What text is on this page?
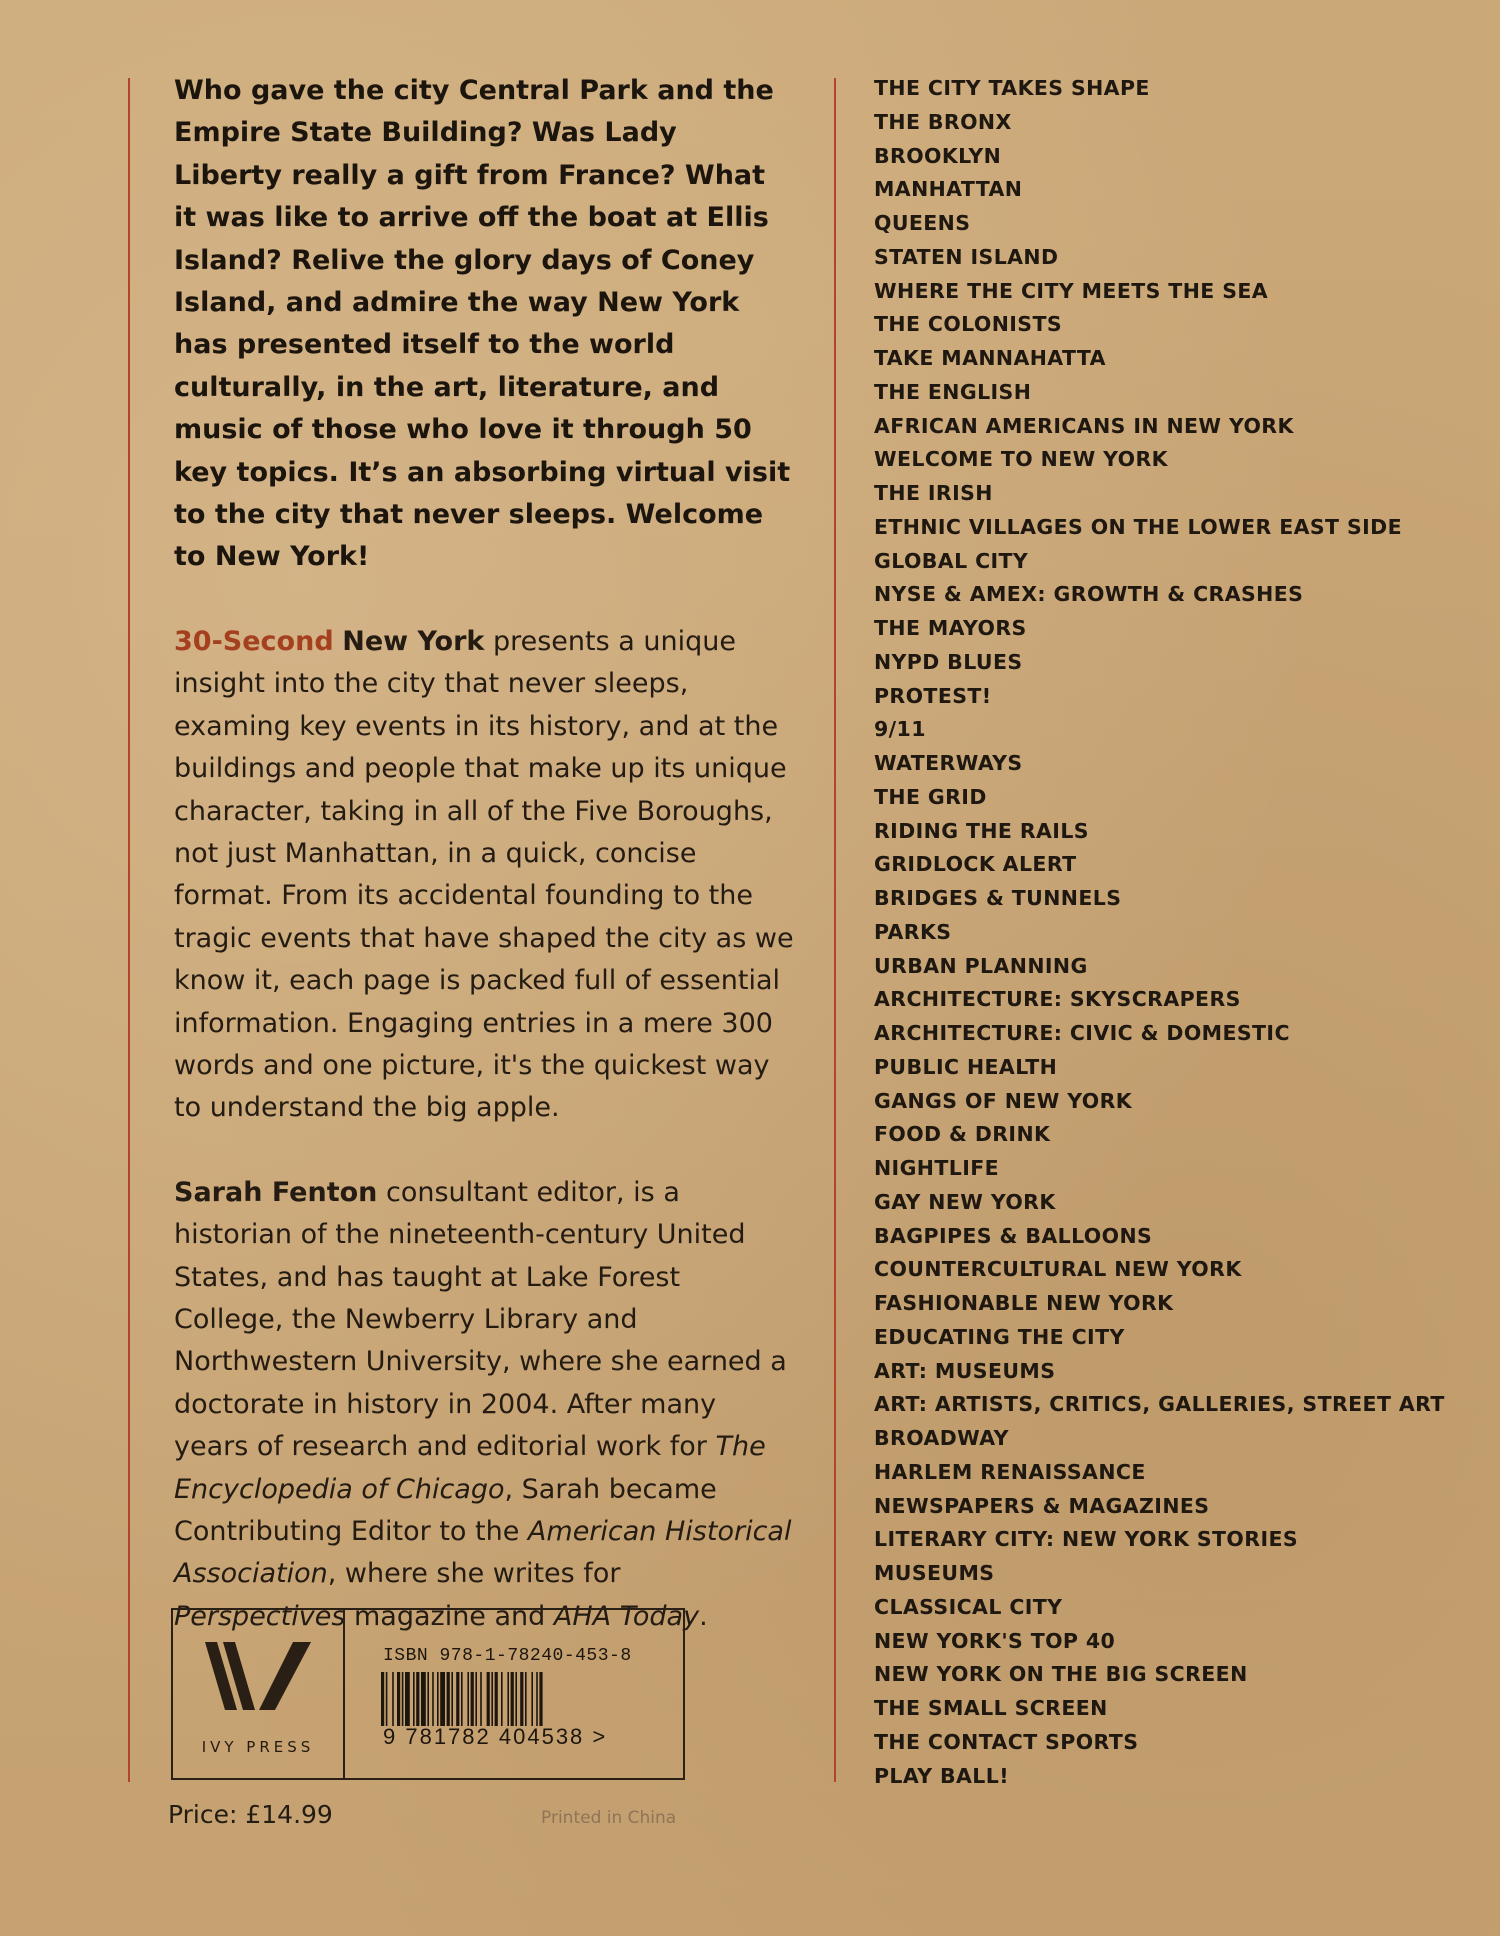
Who gave the city Central Park and the Empire State Building? Was Lady Liberty really a gift from France? What it was like to arrive off the boat at Ellis Island? Relive the glory days of Coney Island, and admire the way New York has presented itself to the world culturally, in the art, literature, and music of those who love it through 50 key topics. It’s an absorbing virtual visit to the city that never sleeps. Welcome to New York!

30-Second New York presents a unique insight into the city that never sleeps, examing key events in its history, and at the buildings and people that make up its unique character, taking in all of the Five Boroughs, not just Manhattan, in a quick, concise format. From its accidental founding to the tragic events that have shaped the city as we know it, each page is packed full of essential information. Engaging entries in a mere 300 words and one picture, it's the quickest way to understand the big apple.

Sarah Fenton consultant editor, is a historian of the nineteenth-century United States, and has taught at Lake Forest College, the Newberry Library and Northwestern University, where she earned a doctorate in history in 2004. After many years of research and editorial work for The Encyclopedia of Chicago, Sarah became Contributing Editor to the American Historical Association, where she writes for Perspectives magazine and AHA Today.

THE CITY TAKES SHAPE
THE BRONX
BROOKLYN
MANHATTAN
QUEENS
STATEN ISLAND
WHERE THE CITY MEETS THE SEA
THE COLONISTS
TAKE MANNAHATTA
THE ENGLISH
AFRICAN AMERICANS IN NEW YORK
WELCOME TO NEW YORK
THE IRISH
ETHNIC VILLAGES ON THE LOWER EAST SIDE
GLOBAL CITY
NYSE & AMEX: GROWTH & CRASHES
THE MAYORS
NYPD BLUES
PROTEST!
9/11
WATERWAYS
THE GRID
RIDING THE RAILS
GRIDLOCK ALERT
BRIDGES & TUNNELS
PARKS
URBAN PLANNING
ARCHITECTURE: SKYSCRAPERS
ARCHITECTURE: CIVIC & DOMESTIC
PUBLIC HEALTH
GANGS OF NEW YORK
FOOD & DRINK
NIGHTLIFE
GAY NEW YORK
BAGPIPES & BALLOONS
COUNTERCULTURAL NEW YORK
FASHIONABLE NEW YORK
EDUCATING THE CITY
ART: MUSEUMS
ART: ARTISTS, CRITICS, GALLERIES, STREET ART
BROADWAY
HARLEM RENAISSANCE
NEWSPAPERS & MAGAZINES
LITERARY CITY: NEW YORK STORIES
MUSEUMS
CLASSICAL CITY
NEW YORK'S TOP 40
NEW YORK ON THE BIG SCREEN
THE SMALL SCREEN
THE CONTACT SPORTS
PLAY BALL!
IVY PRESS
ISBN 978-1-78240-453-8
9 781782 404538 >
Price: £14.99	Printed in China
